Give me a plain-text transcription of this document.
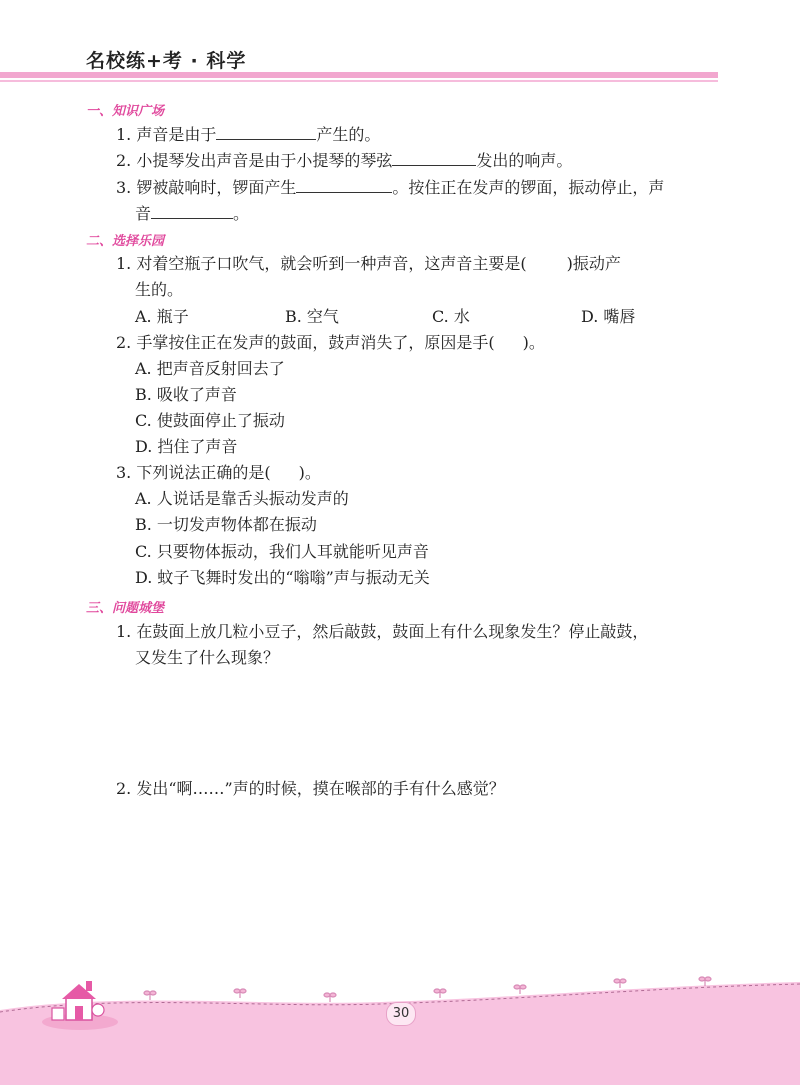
名校练+考 · 科学
一、知识广场
1. 声音是由于	产生的。
2. 小提琴发出声音是由于小提琴的琴弦	发出的响声。
3. 锣被敲响时，锣面产生	。按住正在发声的锣面，振动停止，声
音	。
二、选择乐园
1. 对着空瓶子口吹气，就会听到一种声音，这声音主要是(	)振动产
生的。
A. 瓶子	B. 空气	C. 水	D. 嘴唇
2. 手掌按住正在发声的鼓面，鼓声消失了，原因是手( )。
A. 把声音反射回去了
B. 吸收了声音
C. 使鼓面停止了振动
D. 挡住了声音
3. 下列说法正确的是( )。
A. 人说话是靠舌头振动发声的
B. 一切发声物体都在振动
C. 只要物体振动，我们人耳就能听见声音
D. 蚊子飞舞时发出的“嗡嗡”声与振动无关
三、问题城堡
1. 在鼓面上放几粒小豆子，然后敲鼓，鼓面上有什么现象发生？停止敲鼓，
又发生了什么现象？
2. 发出“啊……”声的时候，摸在喉部的手有什么感觉？
30
